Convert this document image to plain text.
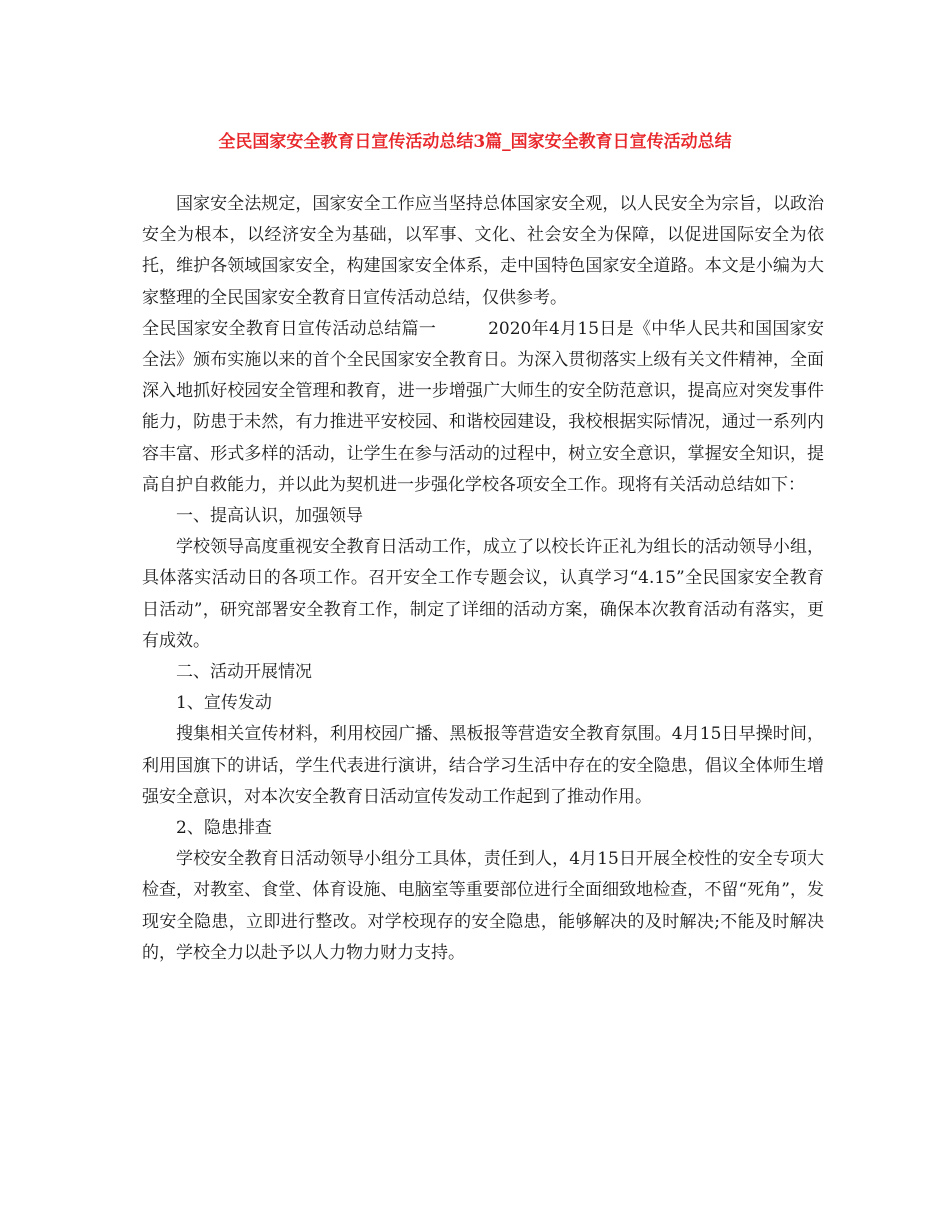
全民国家安全教育日宣传活动总结3篇_国家安全教育日宣传活动总结

国家安全法规定，国家安全工作应当坚持总体国家安全观，以人民安全为宗旨，以政治安全为根本，以经济安全为基础，以军事、文化、社会安全为保障，以促进国际安全为依托，维护各领域国家安全，构建国家安全体系，走中国特色国家安全道路。本文是小编为大家整理的全民国家安全教育日宣传活动总结，仅供参考。

全民国家安全教育日宣传活动总结篇一　　　2020年4月15日是《中华人民共和国国家安全法》颁布实施以来的首个全民国家安全教育日。为深入贯彻落实上级有关文件精神，全面深入地抓好校园安全管理和教育，进一步增强广大师生的安全防范意识，提高应对突发事件能力，防患于未然，有力推进平安校园、和谐校园建设，我校根据实际情况，通过一系列内容丰富、形式多样的活动，让学生在参与活动的过程中，树立安全意识，掌握安全知识，提高自护自救能力，并以此为契机进一步强化学校各项安全工作。现将有关活动总结如下：

一、提高认识，加强领导

学校领导高度重视安全教育日活动工作，成立了以校长许正礼为组长的活动领导小组，具体落实活动日的各项工作。召开安全工作专题会议，认真学习“4.15”全民国家安全教育日活动”，研究部署安全教育工作，制定了详细的活动方案，确保本次教育活动有落实，更有成效。

二、活动开展情况

1、宣传发动

搜集相关宣传材料，利用校园广播、黑板报等营造安全教育氛围。4月15日早操时间，利用国旗下的讲话，学生代表进行演讲，结合学习生活中存在的安全隐患，倡议全体师生增强安全意识，对本次安全教育日活动宣传发动工作起到了推动作用。

2、隐患排查

学校安全教育日活动领导小组分工具体，责任到人，4月15日开展全校性的安全专项大检查，对教室、食堂、体育设施、电脑室等重要部位进行全面细致地检查，不留“死角”，发现安全隐患，立即进行整改。对学校现存的安全隐患，能够解决的及时解决;不能及时解决的，学校全力以赴予以人力物力财力支持。
